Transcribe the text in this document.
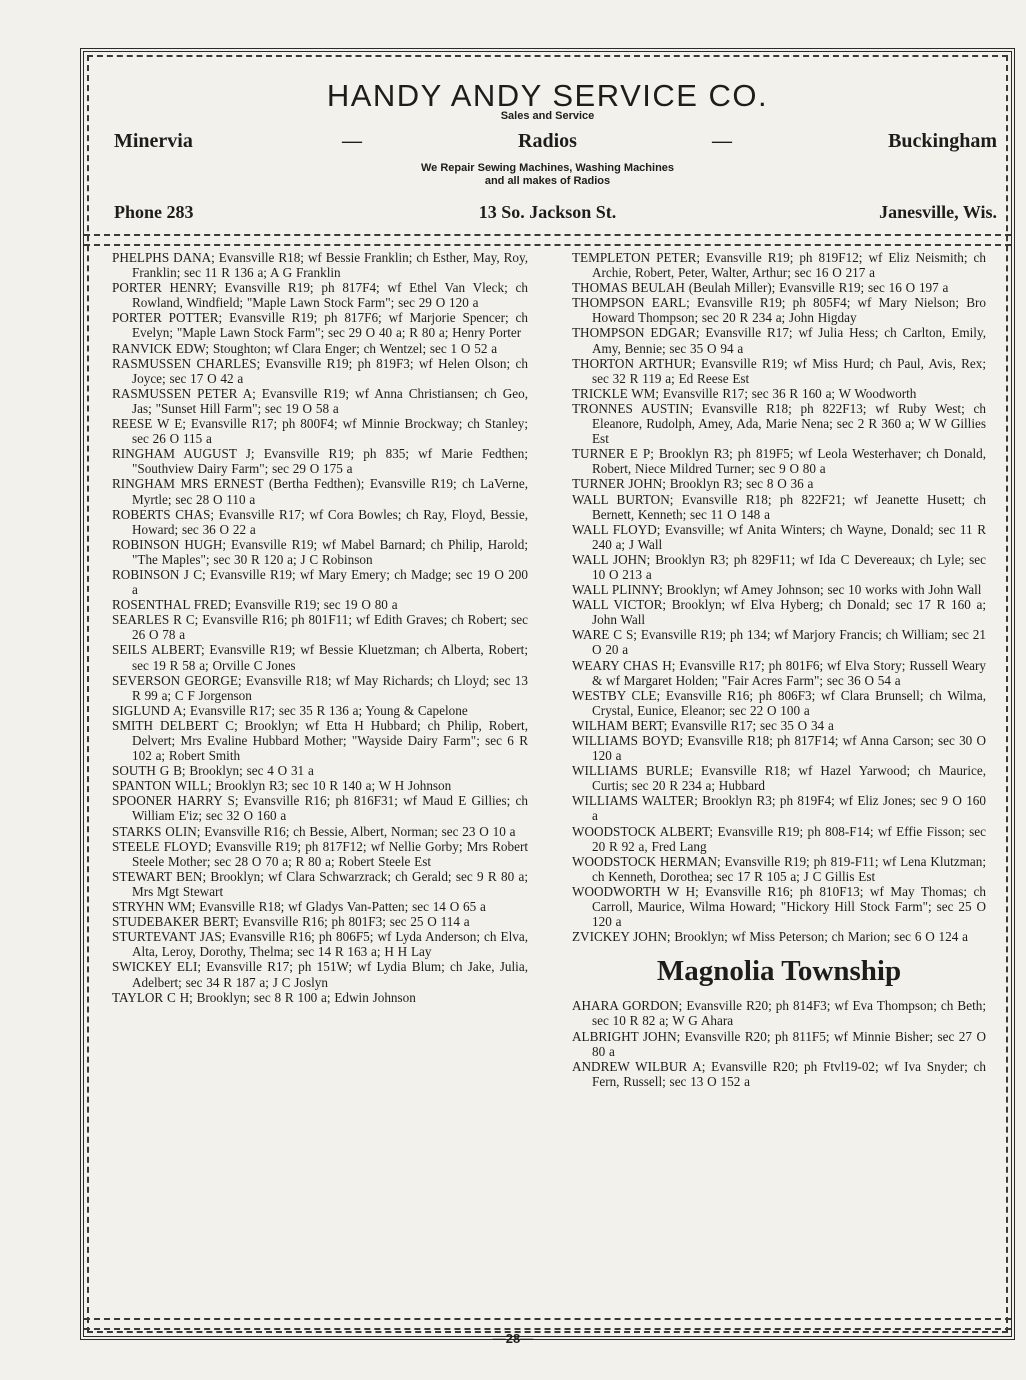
HANDY ANDY SERVICE CO.
Sales and Service
Radios
Minervia	—	—	Buckingham
We Repair Sewing Machines, Washing Machines
and all makes of Radios
13 So. Jackson St.
Phone 283	Janesville, Wis.

PHELPHS DANA; Evansville R18; wf Bessie Franklin; ch Esther, May, Roy, Franklin; sec 11 R 136 a; A G Franklin

PORTER HENRY; Evansville R19; ph 817F4; wf Ethel Van Vleck; ch Rowland, Windfield; "Maple Lawn Stock Farm"; sec 29 O 120 a

PORTER POTTER; Evansville R19; ph 817F6; wf Marjorie Spencer; ch Evelyn; "Maple Lawn Stock Farm"; sec 29 O 40 a; R 80 a; Henry Porter

RANVICK EDW; Stoughton; wf Clara Enger; ch Wentzel; sec 1 O 52 a

RASMUSSEN CHARLES; Evansville R19; ph 819F3; wf Helen Olson; ch Joyce; sec 17 O 42 a

RASMUSSEN PETER A; Evansville R19; wf Anna Christiansen; ch Geo, Jas; "Sunset Hill Farm"; sec 19 O 58 a

REESE W E; Evansville R17; ph 800F4; wf Minnie Brockway; ch Stanley; sec 26 O 115 a

RINGHAM AUGUST J; Evansville R19; ph 835; wf Marie Fedthen; "Southview Dairy Farm"; sec 29 O 175 a

RINGHAM MRS ERNEST (Bertha Fedthen); Evansville R19; ch LaVerne, Myrtle; sec 28 O 110 a

ROBERTS CHAS; Evansville R17; wf Cora Bowles; ch Ray, Floyd, Bessie, Howard; sec 36 O 22 a

ROBINSON HUGH; Evansville R19; wf Mabel Barnard; ch Philip, Harold; "The Maples"; sec 30 R 120 a; J C Robinson

ROBINSON J C; Evansville R19; wf Mary Emery; ch Madge; sec 19 O 200 a

ROSENTHAL FRED; Evansville R19; sec 19 O 80 a

SEARLES R C; Evansville R16; ph 801F11; wf Edith Graves; ch Robert; sec 26 O 78 a

SEILS ALBERT; Evansville R19; wf Bessie Kluetzman; ch Alberta, Robert; sec 19 R 58 a; Orville C Jones

SEVERSON GEORGE; Evansville R18; wf May Richards; ch Lloyd; sec 13 R 99 a; C F Jorgenson

SIGLUND A; Evansville R17; sec 35 R 136 a; Young & Capelone

SMITH DELBERT C; Brooklyn; wf Etta H Hubbard; ch Philip, Robert, Delvert; Mrs Evaline Hubbard Mother; "Wayside Dairy Farm"; sec 6 R 102 a; Robert Smith

SOUTH G B; Brooklyn; sec 4 O 31 a

SPANTON WILL; Brooklyn R3; sec 10 R 140 a; W H Johnson

SPOONER HARRY S; Evansville R16; ph 816F31; wf Maud E Gillies; ch William E'iz; sec 32 O 160 a

STARKS OLIN; Evansville R16; ch Bessie, Albert, Norman; sec 23 O 10 a

STEELE FLOYD; Evansville R19; ph 817F12; wf Nellie Gorby; Mrs Robert Steele Mother; sec 28 O 70 a; R 80 a; Robert Steele Est

STEWART BEN; Brooklyn; wf Clara Schwarzrack; ch Gerald; sec 9 R 80 a; Mrs Mgt Stewart

STRYHN WM; Evansville R18; wf Gladys Van-Patten; sec 14 O 65 a

STUDEBAKER BERT; Evansville R16; ph 801F3; sec 25 O 114 a

STURTEVANT JAS; Evansville R16; ph 806F5; wf Lyda Anderson; ch Elva, Alta, Leroy, Dorothy, Thelma; sec 14 R 163 a; H H Lay

SWICKEY ELI; Evansville R17; ph 151W; wf Lydia Blum; ch Jake, Julia, Adelbert; sec 34 R 187 a; J C Joslyn

TAYLOR C H; Brooklyn; sec 8 R 100 a; Edwin Johnson

TEMPLETON PETER; Evansville R19; ph 819F12; wf Eliz Neismith; ch Archie, Robert, Peter, Walter, Arthur; sec 16 O 217 a

THOMAS BEULAH (Beulah Miller); Evansville R19; sec 16 O 197 a

THOMPSON EARL; Evansville R19; ph 805F4; wf Mary Nielson; Bro Howard Thompson; sec 20 R 234 a; John Higday

THOMPSON EDGAR; Evansville R17; wf Julia Hess; ch Carlton, Emily, Amy, Bennie; sec 35 O 94 a

THORTON ARTHUR; Evansville R19; wf Miss Hurd; ch Paul, Avis, Rex; sec 32 R 119 a; Ed Reese Est

TRICKLE WM; Evansville R17; sec 36 R 160 a; W Woodworth

TRONNES AUSTIN; Evansville R18; ph 822F13; wf Ruby West; ch Eleanore, Rudolph, Amey, Ada, Marie Nena; sec 2 R 360 a; W W Gillies Est

TURNER E P; Brooklyn R3; ph 819F5; wf Leola Westerhaver; ch Donald, Robert, Niece Mildred Turner; sec 9 O 80 a

TURNER JOHN; Brooklyn R3; sec 8 O 36 a

WALL BURTON; Evansville R18; ph 822F21; wf Jeanette Husett; ch Bernett, Kenneth; sec 11 O 148 a

WALL FLOYD; Evansville; wf Anita Winters; ch Wayne, Donald; sec 11 R 240 a; J Wall

WALL JOHN; Brooklyn R3; ph 829F11; wf Ida C Devereaux; ch Lyle; sec 10 O 213 a

WALL PLINNY; Brooklyn; wf Amey Johnson; sec 10 works with John Wall

WALL VICTOR; Brooklyn; wf Elva Hyberg; ch Donald; sec 17 R 160 a; John Wall

WARE C S; Evansville R19; ph 134; wf Marjory Francis; ch William; sec 21 O 20 a

WEARY CHAS H; Evansville R17; ph 801F6; wf Elva Story; Russell Weary & wf Margaret Holden; "Fair Acres Farm"; sec 36 O 54 a

WESTBY CLE; Evansville R16; ph 806F3; wf Clara Brunsell; ch Wilma, Crystal, Eunice, Eleanor; sec 22 O 100 a

WILHAM BERT; Evansville R17; sec 35 O 34 a

WILLIAMS BOYD; Evansville R18; ph 817F14; wf Anna Carson; sec 30 O 120 a

WILLIAMS BURLE; Evansville R18; wf Hazel Yarwood; ch Maurice, Curtis; sec 20 R 234 a; Hubbard

WILLIAMS WALTER; Brooklyn R3; ph 819F4; wf Eliz Jones; sec 9 O 160 a

WOODSTOCK ALBERT; Evansville R19; ph 808-F14; wf Effie Fisson; sec 20 R 92 a, Fred Lang

WOODSTOCK HERMAN; Evansville R19; ph 819-F11; wf Lena Klutzman; ch Kenneth, Dorothea; sec 17 R 105 a; J C Gillis Est

WOODWORTH W H; Evansville R16; ph 810F13; wf May Thomas; ch Carroll, Maurice, Wilma Howard; "Hickory Hill Stock Farm"; sec 25 O 120 a

ZVICKEY JOHN; Brooklyn; wf Miss Peterson; ch Marion; sec 6 O 124 a

Magnolia Township

AHARA GORDON; Evansville R20; ph 814F3; wf Eva Thompson; ch Beth; sec 10 R 82 a; W G Ahara

ALBRIGHT JOHN; Evansville R20; ph 811F5; wf Minnie Bisher; sec 27 O 80 a

ANDREW WILBUR A; Evansville R20; ph Ftvl19-02; wf Iva Snyder; ch Fern, Russell; sec 13 O 152 a

—28—
